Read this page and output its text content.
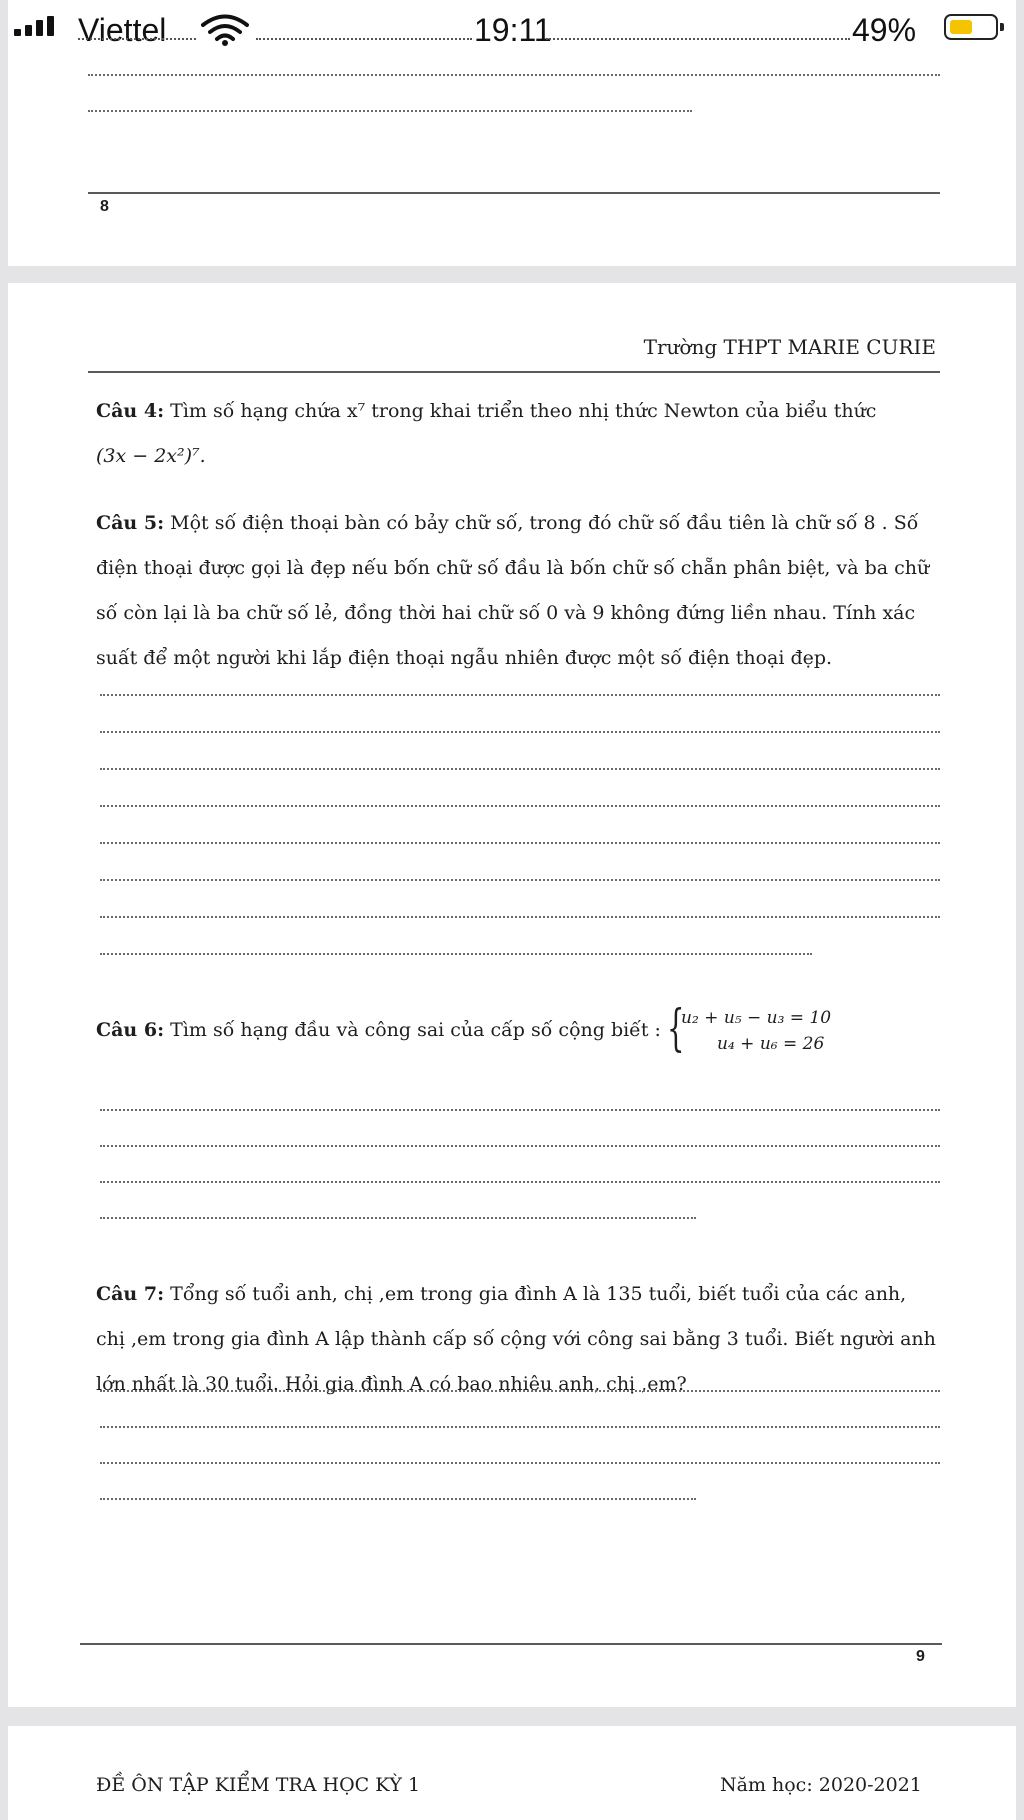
8
Viettel	19:11	49%
Trường THPT MARIE CURIE
Câu 4: Tìm số hạng chứa x⁷ trong khai triển theo nhị thức Newton của biểu thức
(3x − 2x²)⁷.
Câu 5: Một số điện thoại bàn có bảy chữ số, trong đó chữ số đầu tiên là chữ số 8 . Số điện thoại được gọi là đẹp nếu bốn chữ số đầu là bốn chữ số chẵn phân biệt, và ba chữ số còn lại là ba chữ số lẻ, đồng thời hai chữ số 0 và 9 không đứng liền nhau. Tính xác suất để một người khi lắp điện thoại ngẫu nhiên được một số điện thoại đẹp.
Câu 6: Tìm số hạng đầu và công sai của cấp số cộng biết : {
u₂ + u₅ − u₃ = 10
u₄ + u₆ = 26
Câu 7: Tổng số tuổi anh, chị ,em trong gia đình A là 135 tuổi, biết tuổi của các anh, chị ,em trong gia đình A lập thành cấp số cộng với công sai bằng 3 tuổi. Biết người anh lớn nhất là 30 tuổi. Hỏi gia đình A có bao nhiêu anh, chị ,em?
9
ĐỀ ÔN TẬP KIỂM TRA HỌC KỲ 1	Năm học: 2020-2021
